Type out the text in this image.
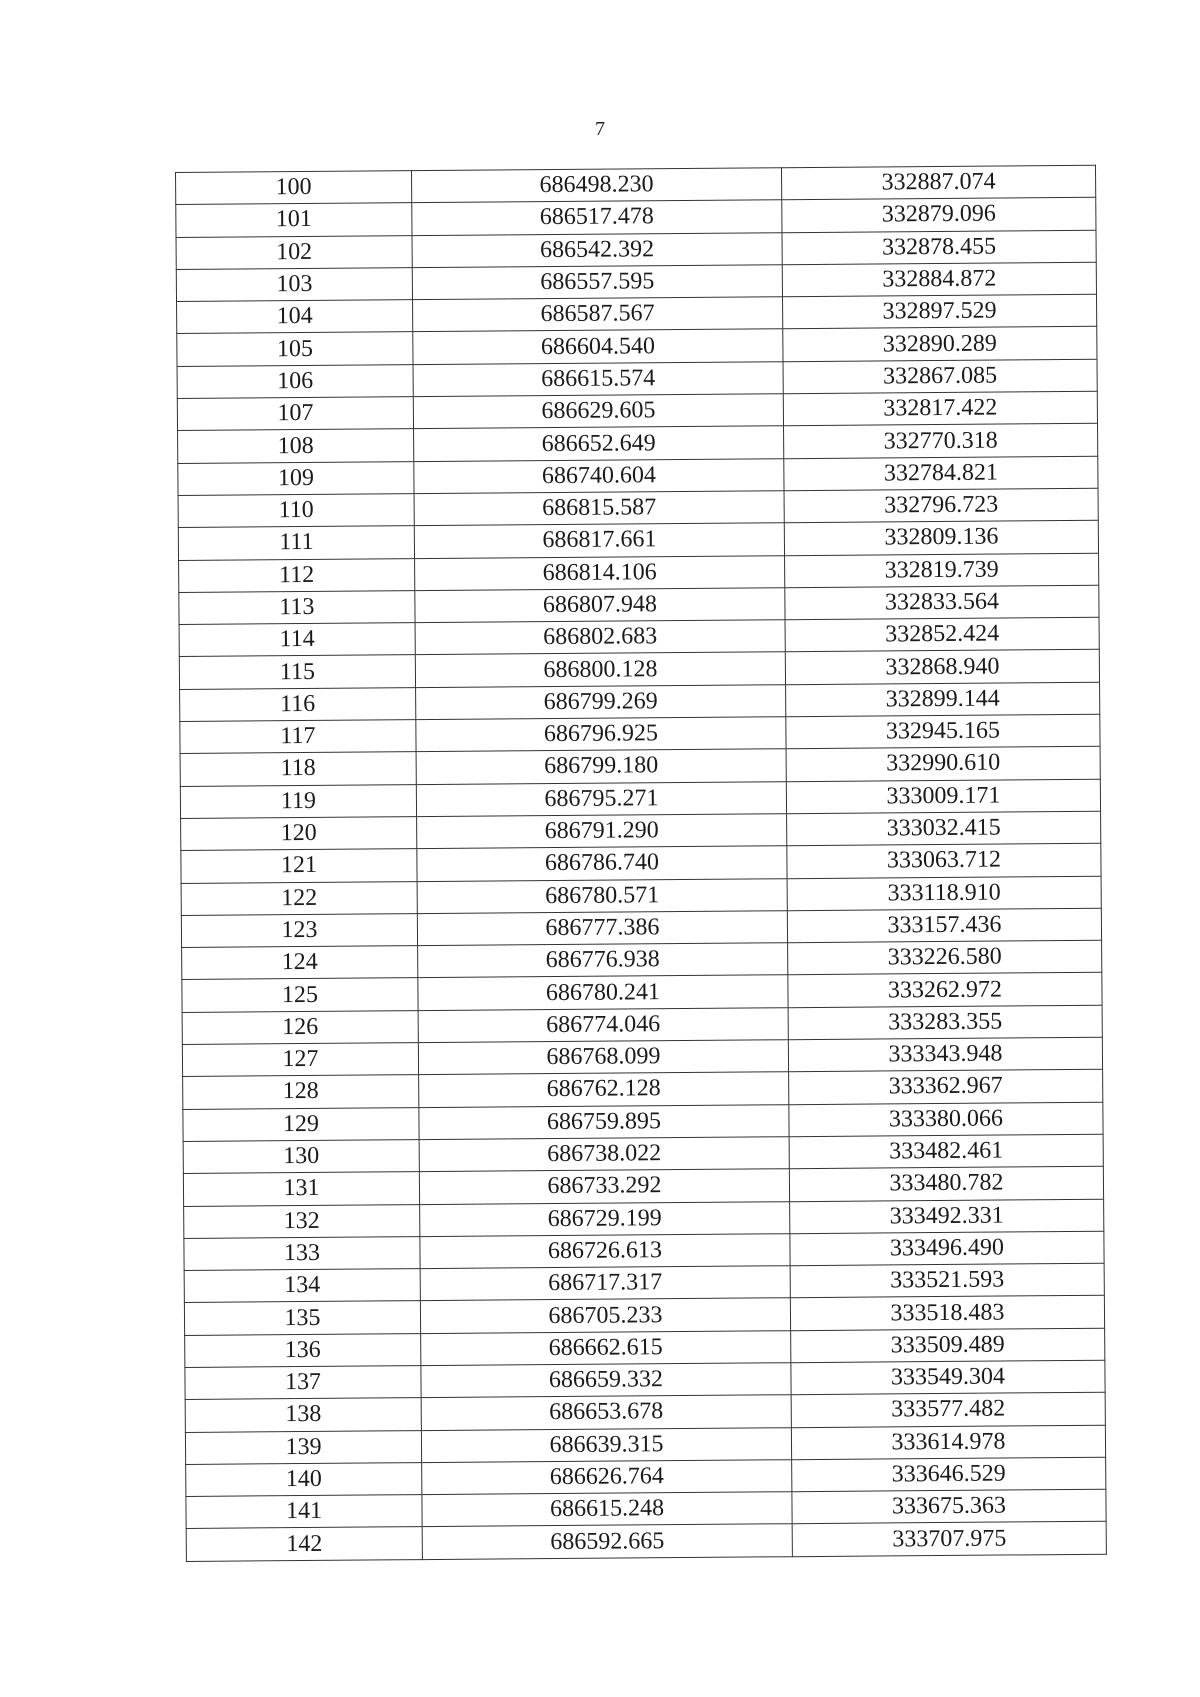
7
100	686498.230	332887.074
101	686517.478	332879.096
102	686542.392	332878.455
103	686557.595	332884.872
104	686587.567	332897.529
105	686604.540	332890.289
106	686615.574	332867.085
107	686629.605	332817.422
108	686652.649	332770.318
109	686740.604	332784.821
110	686815.587	332796.723
111	686817.661	332809.136
112	686814.106	332819.739
113	686807.948	332833.564
114	686802.683	332852.424
115	686800.128	332868.940
116	686799.269	332899.144
117	686796.925	332945.165
118	686799.180	332990.610
119	686795.271	333009.171
120	686791.290	333032.415
121	686786.740	333063.712
122	686780.571	333118.910
123	686777.386	333157.436
124	686776.938	333226.580
125	686780.241	333262.972
126	686774.046	333283.355
127	686768.099	333343.948
128	686762.128	333362.967
129	686759.895	333380.066
130	686738.022	333482.461
131	686733.292	333480.782
132	686729.199	333492.331
133	686726.613	333496.490
134	686717.317	333521.593
135	686705.233	333518.483
136	686662.615	333509.489
137	686659.332	333549.304
138	686653.678	333577.482
139	686639.315	333614.978
140	686626.764	333646.529
141	686615.248	333675.363
142	686592.665	333707.975
